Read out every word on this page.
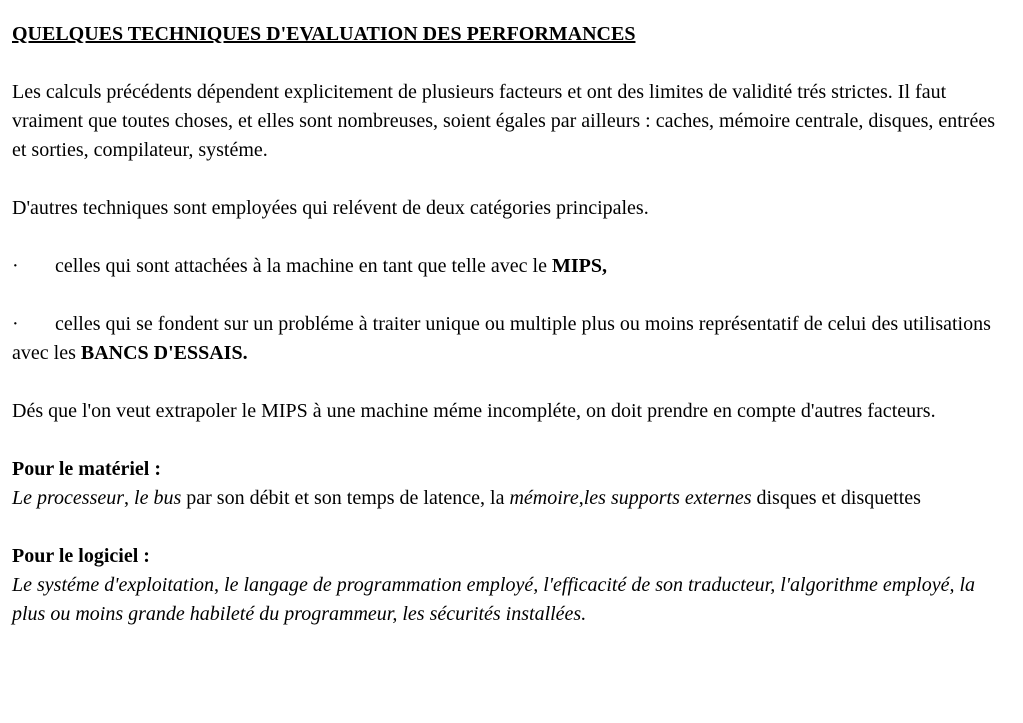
QUELQUES TECHNIQUES D'EVALUATION DES PERFORMANCES

Les calculs précédents dépendent explicitement de plusieurs facteurs et ont des limites de validité trés strictes. Il faut vraiment que toutes choses, et elles sont nombreuses, soient égales par ailleurs : caches, mémoire centrale, disques, entrées et sorties, compilateur, systéme.

D'autres techniques sont employées qui relévent de deux catégories principales.

· celles qui sont attachées à la machine en tant que telle avec le MIPS,

· celles qui se fondent sur un probléme à traiter unique ou multiple plus ou moins représentatif de celui des utilisations avec les BANCS D'ESSAIS.

Dés que l'on veut extrapoler le MIPS à une machine méme incompléte, on doit prendre en compte d'autres facteurs.

Pour le matériel :
Le processeur, le bus par son débit et son temps de latence, la mémoire,les supports externes disques et disquettes

Pour le logiciel :
Le systéme d'exploitation, le langage de programmation employé, l'efficacité de son traducteur, l'algorithme employé, la plus ou moins grande habileté du programmeur, les sécurités installées.
